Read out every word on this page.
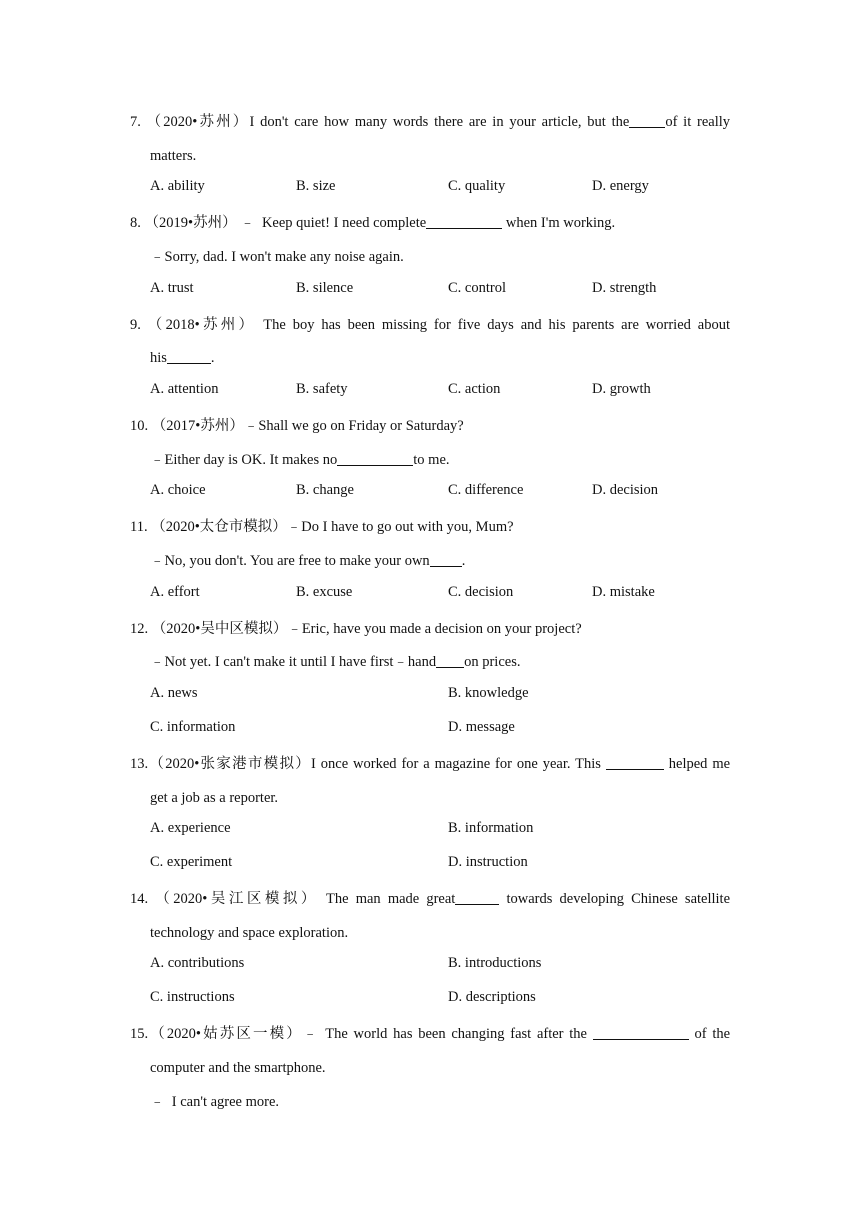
7. （2020•苏州）I don't care how many words there are in your article, but the of it really
matters.
A. ability	B. size	C. quality	D. energy
8. （2019•苏州） ﹣ Keep quiet! I need complete	when I'm working.
﹣Sorry, dad. I won't make any noise again.
A. trust	B. silence	C. control	D. strength
9. （2018•苏州） The boy has been missing for five days and his parents are worried about
his	.
A. attention	B. safety	C. action	D. growth
10. （2017•苏州）﹣Shall we go on Friday or Saturday?
﹣Either day is OK. It makes no	to me.
A. choice	B. change	C. difference	D. decision
11. （2020•太仓市模拟）﹣Do I have to go out with you, Mum?
﹣No, you don't. You are free to make your own .
A. effort	B. excuse	C. decision	D. mistake
12. （2020•吴中区模拟）﹣Eric, have you made a decision on your project?
﹣Not yet. I can't make it until I have first﹣hand on prices.
A. news	B. knowledge
C. information	D. message
13.（2020•张家港市模拟）I once worked for a magazine for one year. This	helped me
get a job as a reporter.
A. experience	B. information
C. experiment	D. instruction
14. （2020•吴江区模拟） The man made great	towards developing Chinese satellite
technology and space exploration.
A. contributions	B. introductions
C. instructions	D. descriptions
15.（2020•姑苏区一模）﹣ The world has been changing fast after the	of the
computer and the smartphone.
﹣ I can't agree more.
